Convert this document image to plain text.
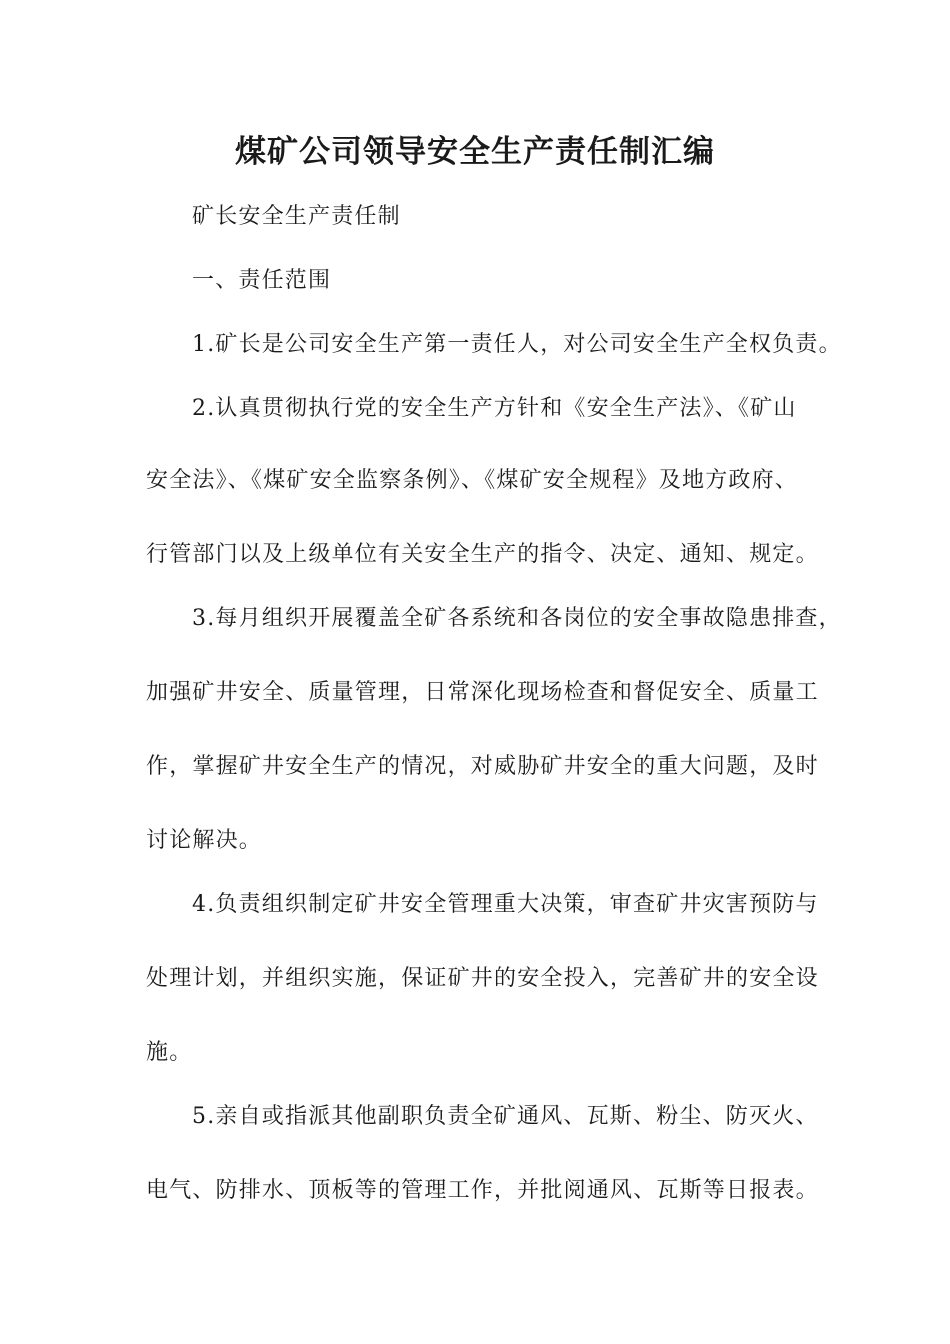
煤矿公司领导安全生产责任制汇编

矿长安全生产责任制

一、责任范围

1.矿长是公司安全生产第一责任人，对公司安全生产全权负责。

2.认真贯彻执行党的安全生产方针和《安全生产法》、《矿山

安全法》、《煤矿安全监察条例》、《煤矿安全规程》及地方政府、

行管部门以及上级单位有关安全生产的指令、决定、通知、规定。

3.每月组织开展覆盖全矿各系统和各岗位的安全事故隐患排查，

加强矿井安全、质量管理，日常深化现场检查和督促安全、质量工

作，掌握矿井安全生产的情况，对威胁矿井安全的重大问题，及时

讨论解决。

4.负责组织制定矿井安全管理重大决策，审查矿井灾害预防与

处理计划，并组织实施，保证矿井的安全投入，完善矿井的安全设

施。

5.亲自或指派其他副职负责全矿通风、瓦斯、粉尘、防灭火、

电气、防排水、顶板等的管理工作，并批阅通风、瓦斯等日报表。
